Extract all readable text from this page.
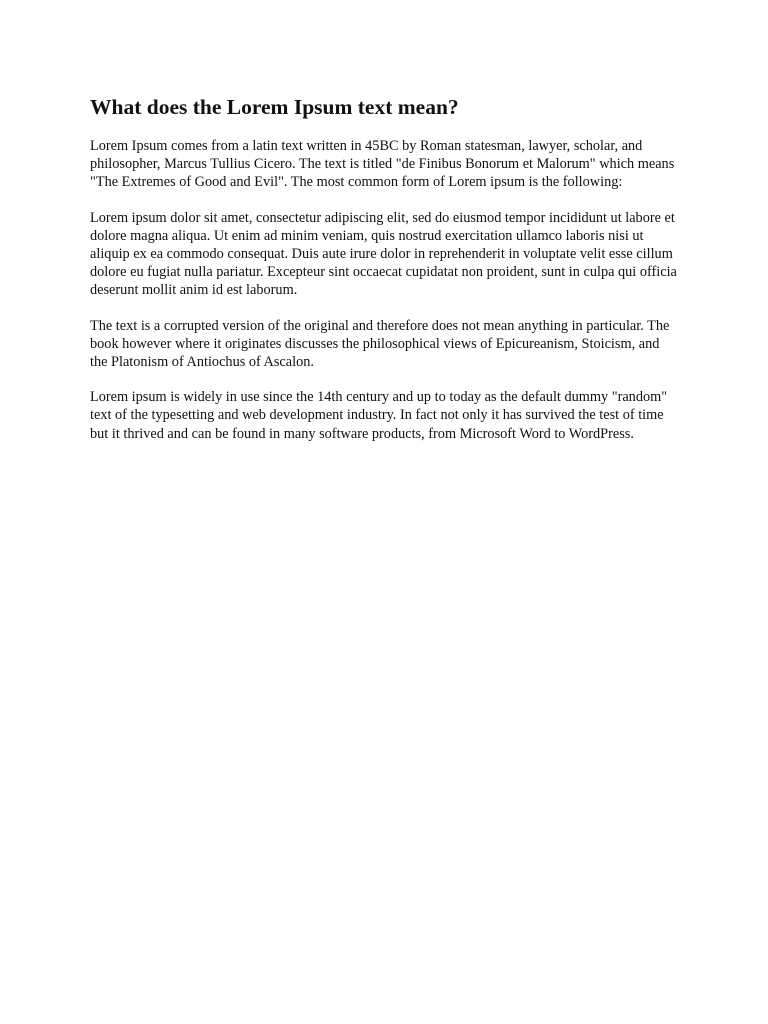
What does the Lorem Ipsum text mean?

Lorem Ipsum comes from a latin text written in 45BC by Roman statesman, lawyer, scholar, and philosopher, Marcus Tullius Cicero. The text is titled "de Finibus Bonorum et Malorum" which means "The Extremes of Good and Evil". The most common form of Lorem ipsum is the following:

Lorem ipsum dolor sit amet, consectetur adipiscing elit, sed do eiusmod tempor incididunt ut labore et dolore magna aliqua. Ut enim ad minim veniam, quis nostrud exercitation ullamco laboris nisi ut aliquip ex ea commodo consequat. Duis aute irure dolor in reprehenderit in voluptate velit esse cillum dolore eu fugiat nulla pariatur. Excepteur sint occaecat cupidatat non proident, sunt in culpa qui officia deserunt mollit anim id est laborum.

The text is a corrupted version of the original and therefore does not mean anything in particular. The book however where it originates discusses the philosophical views of Epicureanism, Stoicism, and the Platonism of Antiochus of Ascalon.

Lorem ipsum is widely in use since the 14th century and up to today as the default dummy "random" text of the typesetting and web development industry. In fact not only it has survived the test of time but it thrived and can be found in many software products, from Microsoft Word to WordPress.
